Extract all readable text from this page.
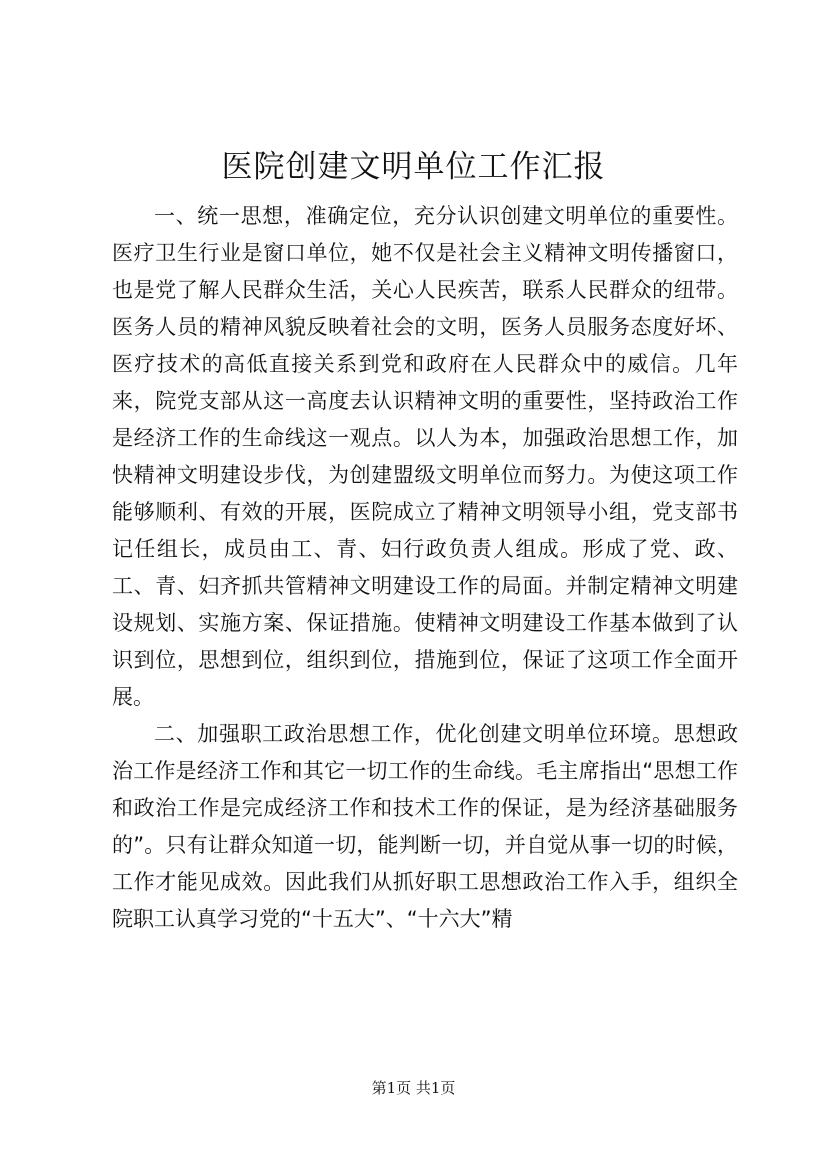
医院创建文明单位工作汇报

一、统一思想，准确定位，充分认识创建文明单位的重要性。医疗卫生行业是窗口单位，她不仅是社会主义精神文明传播窗口，也是党了解人民群众生活，关心人民疾苦，联系人民群众的纽带。医务人员的精神风貌反映着社会的文明，医务人员服务态度好坏、医疗技术的高低直接关系到党和政府在人民群众中的威信。几年来，院党支部从这一高度去认识精神文明的重要性，坚持政治工作是经济工作的生命线这一观点。以人为本，加强政治思想工作，加快精神文明建设步伐，为创建盟级文明单位而努力。为使这项工作能够顺利、有效的开展，医院成立了精神文明领导小组，党支部书记任组长，成员由工、青、妇行政负责人组成。形成了党、政、工、青、妇齐抓共管精神文明建设工作的局面。并制定精神文明建设规划、实施方案、保证措施。使精神文明建设工作基本做到了认识到位，思想到位，组织到位，措施到位，保证了这项工作全面开展。

二、加强职工政治思想工作，优化创建文明单位环境。思想政治工作是经济工作和其它一切工作的生命线。毛主席指出“思想工作和政治工作是完成经济工作和技术工作的保证，是为经济基础服务的”。只有让群众知道一切，能判断一切，并自觉从事一切的时候，工作才能见成效。因此我们从抓好职工思想政治工作入手，组织全院职工认真学习党的“十五大”、“十六大”精

第1页 共1页
